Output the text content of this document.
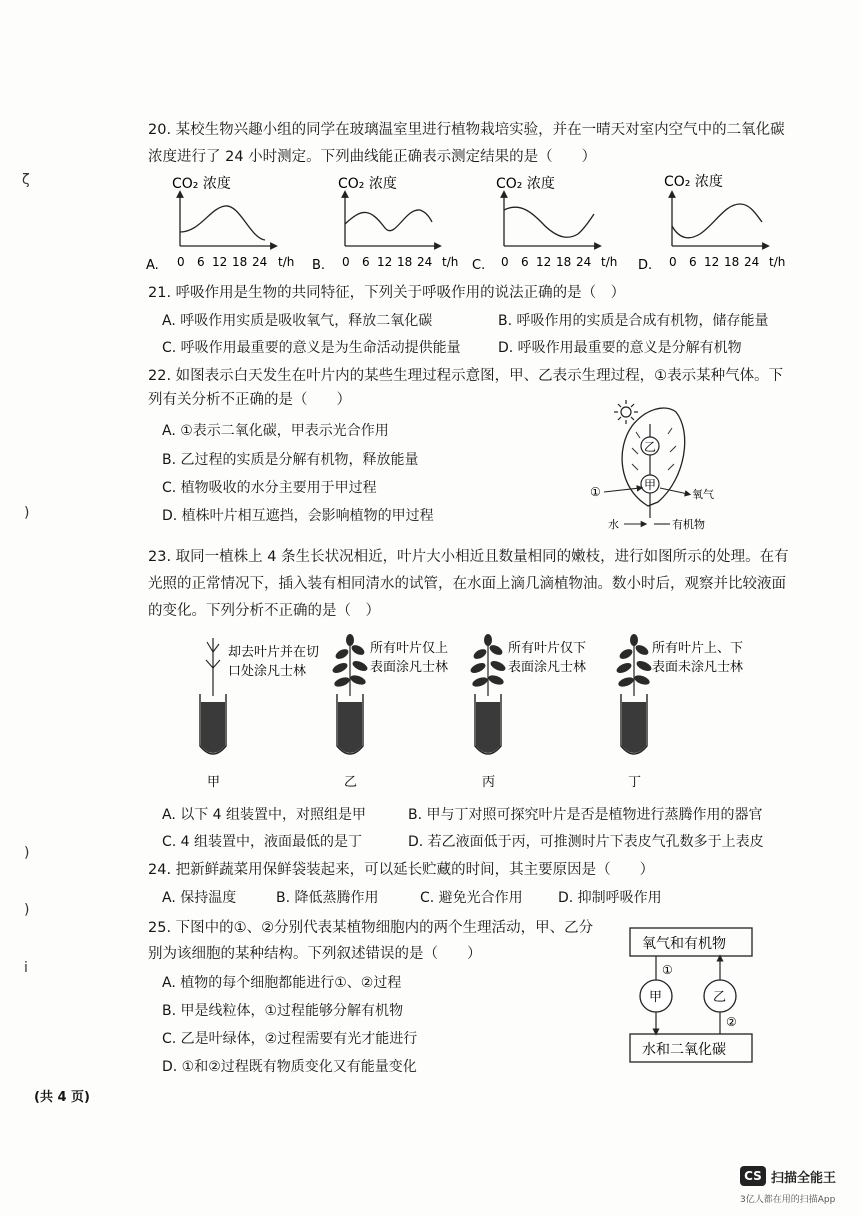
ζ
)
)
)
i
20. 某校生物兴趣小组的同学在玻璃温室里进行植物栽培实验，并在一晴天对室内空气中的二氧化碳
浓度进行了 24 小时测定。下列曲线能正确表示测定结果的是（　　）
A.
CO₂ 浓度
0 6 12 18 24 t/h B.
CO₂ 浓度
0 6 12 18 24 t/h C.
CO₂ 浓度
0 6 12 18 24 t/h D.
CO₂ 浓度
0 6 12 18 24 t/h
21. 呼吸作用是生物的共同特征，下列关于呼吸作用的说法正确的是（　）
A. 呼吸作用实质是吸收氧气，释放二氧化碳	B. 呼吸作用的实质是合成有机物，储存能量
C. 呼吸作用最重要的意义是为生命活动提供能量	D. 呼吸作用最重要的意义是分解有机物
22. 如图表示白天发生在叶片内的某些生理过程示意图，甲、乙表示生理过程，①表示某种气体。下
列有关分析不正确的是（　　）
A. ①表示二氧化碳，甲表示光合作用
B. 乙过程的实质是分解有机物，释放能量
C. 植物吸收的水分主要用于甲过程
D. 植株叶片相互遮挡，会影响植物的甲过程
乙
甲
①	氧气
水	有机物
23. 取同一植株上 4 条生长状况相近，叶片大小相近且数量相同的嫩枝，进行如图所示的处理。在有
光照的正常情况下，插入装有相同清水的试管，在水面上滴几滴植物油。数小时后，观察并比较液面
的变化。下列分析不正确的是（　）
却去叶片并在切
口处涂凡士林
甲
所有叶片仅上
表面涂凡士林
乙
所有叶片仅下
表面涂凡士林
丙
所有叶片上、下
表面未涂凡士林
丁
A. 以下 4 组装置中，对照组是甲	B. 甲与丁对照可探究叶片是否是植物进行蒸腾作用的器官
C. 4 组装置中，液面最低的是丁	D. 若乙液面低于丙，可推测时片下表皮气孔数多于上表皮
24. 把新鲜蔬菜用保鲜袋装起来，可以延长贮藏的时间，其主要原因是（　　）
A. 保持温度	B. 降低蒸腾作用	C. 避免光合作用	D. 抑制呼吸作用
25. 下图中的①、②分别代表某植物细胞内的两个生理活动，甲、乙分
别为该细胞的某种结构。下列叙述错误的是（　　）
A. 植物的每个细胞都能进行①、②过程
B. 甲是线粒体，①过程能够分解有机物
C. 乙是叶绿体，②过程需要有光才能进行
D. ①和②过程既有物质变化又有能量变化
氧气和有机物
水和二氧化碳
甲
①
乙
②
(共 4 页)
CS 扫描全能王
3亿人都在用的扫描App
